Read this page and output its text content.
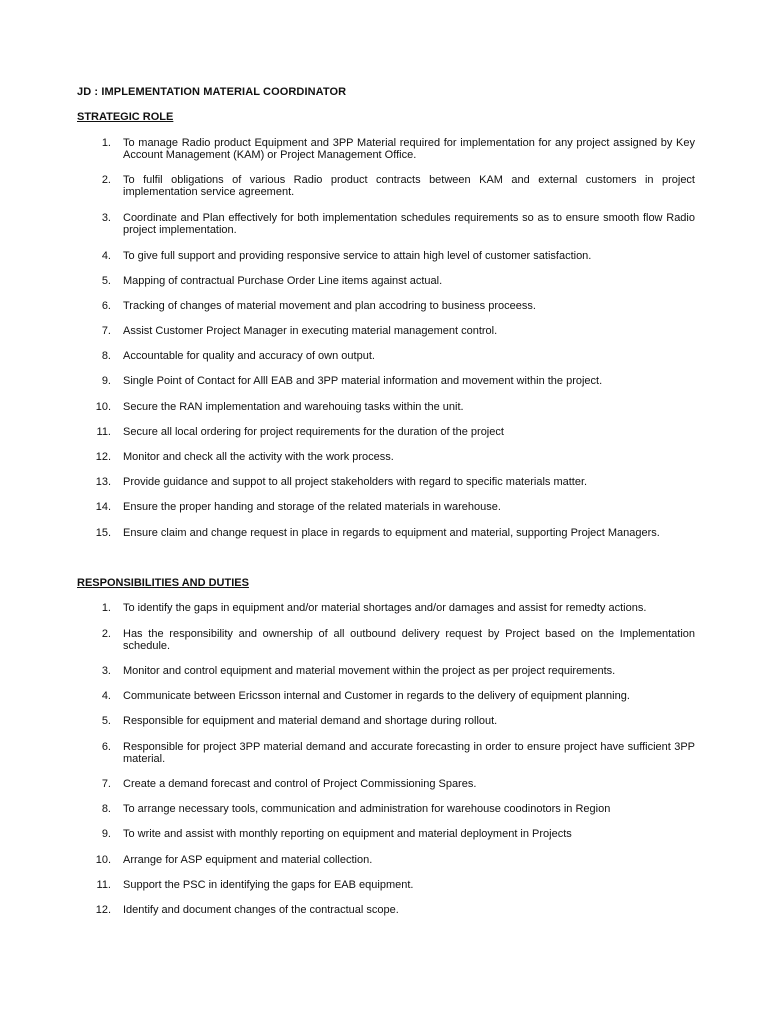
JD : IMPLEMENTATION MATERIAL COORDINATOR
STRATEGIC ROLE
1. To manage Radio product Equipment and 3PP Material required for implementation for any project assigned by Key Account Management (KAM) or Project Management Office.
2. To fulfil obligations of various Radio product contracts between KAM and external customers in project implementation service agreement.
3. Coordinate and Plan effectively for both implementation schedules requirements so as to ensure smooth flow Radio project implementation.
4. To give full support and providing responsive service to attain high level of customer satisfaction.
5. Mapping of contractual Purchase Order Line items against actual.
6. Tracking of changes of material movement and plan accodring to business proceess.
7. Assist Customer Project Manager in executing material management control.
8. Accountable for quality and accuracy of own output.
9. Single Point of Contact for Alll EAB and 3PP material information and movement within the project.
10. Secure the RAN implementation and warehouing tasks within the unit.
11. Secure all local ordering for project requirements for the duration of the project
12. Monitor and check all the activity with the work process.
13. Provide guidance and suppot to all project stakeholders with regard to specific materials matter.
14. Ensure the proper handing and storage of the related materials in warehouse.
15. Ensure claim and change request in place in regards to equipment and material, supporting Project Managers.
RESPONSIBILITIES AND DUTIES
1. To identify the gaps in equipment and/or material shortages and/or damages and assist for remedty actions.
2. Has the responsibility and ownership of all outbound delivery request by Project based on the Implementation schedule.
3. Monitor and control equipment and material movement within the project as per project requirements.
4. Communicate between Ericsson internal and Customer in regards to the delivery of equipment planning.
5. Responsible for equipment and material demand and shortage during rollout.
6. Responsible for project 3PP material demand and accurate forecasting in order to ensure project have sufficient 3PP material.
7. Create a demand forecast and control of Project Commissioning Spares.
8. To arrange necessary tools, communication and administration for warehouse coodinotors in Region
9. To write and assist with monthly reporting on equipment and material deployment in Projects
10. Arrange for ASP equipment and material collection.
11. Support the PSC in identifying the gaps for EAB equipment.
12. Identify and document changes of the contractual scope.
